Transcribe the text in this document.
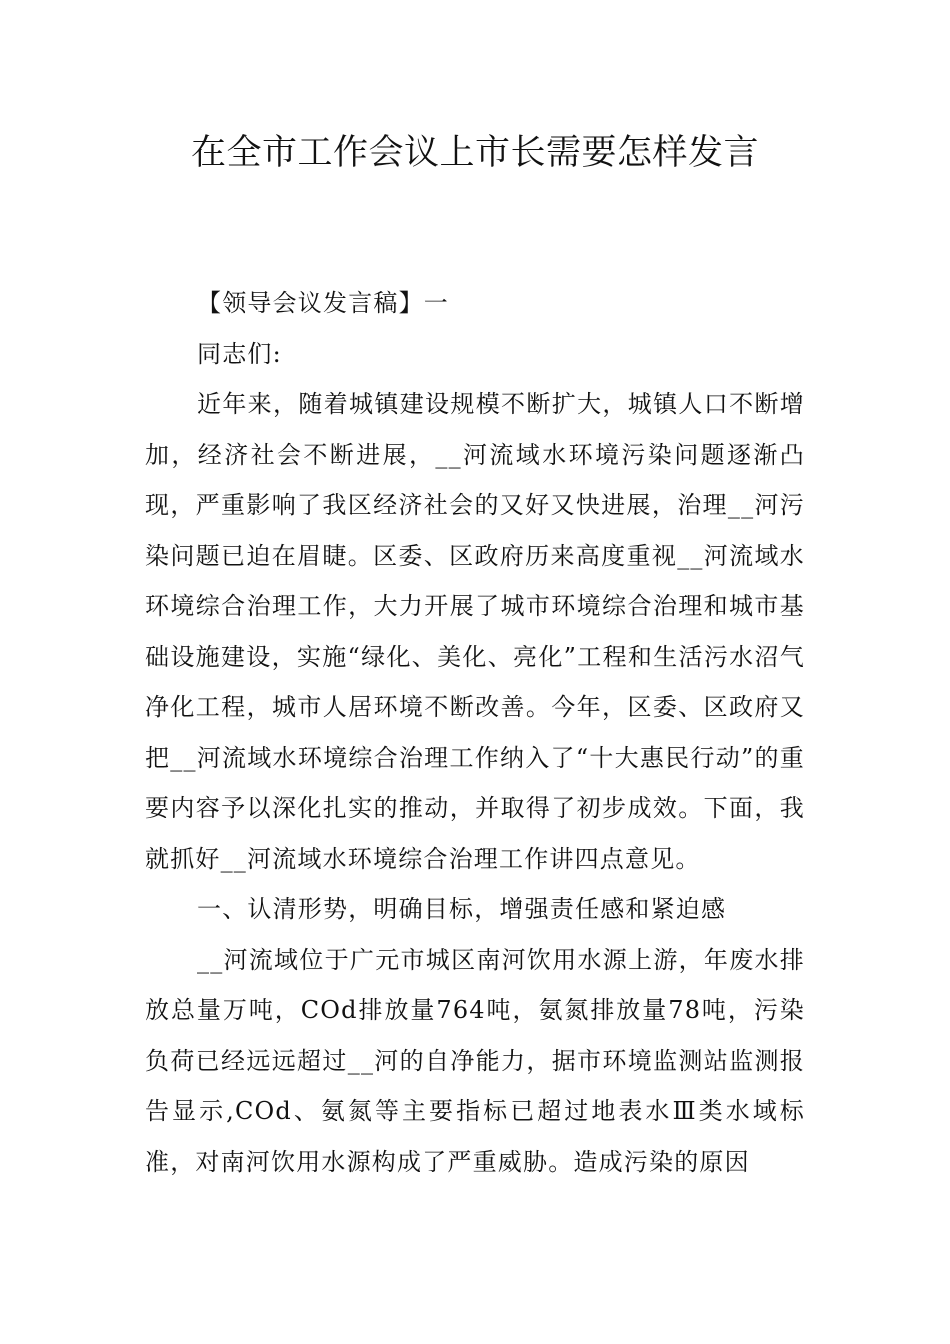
在全市工作会议上市长需要怎样发言

【领导会议发言稿】一

同志们:

近年来，随着城镇建设规模不断扩大，城镇人口不断增加，经济社会不断进展，__河流域水环境污染问题逐渐凸现，严重影响了我区经济社会的又好又快进展，治理__河污染问题已迫在眉睫。区委、区政府历来高度重视__河流域水环境综合治理工作，大力开展了城市环境综合治理和城市基础设施建设，实施“绿化、美化、亮化”工程和生活污水沼气净化工程，城市人居环境不断改善。今年，区委、区政府又把__河流域水环境综合治理工作纳入了“十大惠民行动”的重要内容予以深化扎实的推动，并取得了初步成效。下面，我就抓好__河流域水环境综合治理工作讲四点意见。

一、认清形势，明确目标，增强责任感和紧迫感

__河流域位于广元市城区南河饮用水源上游，年废水排放总量万吨，COd排放量764吨，氨氮排放量78吨，污染负荷已经远远超过__河的自净能力，据市环境监测站监测报告显示,COd、氨氮等主要指标已超过地表水Ⅲ类水域标准，对南河饮用水源构成了严重威胁。造成污染的原因
